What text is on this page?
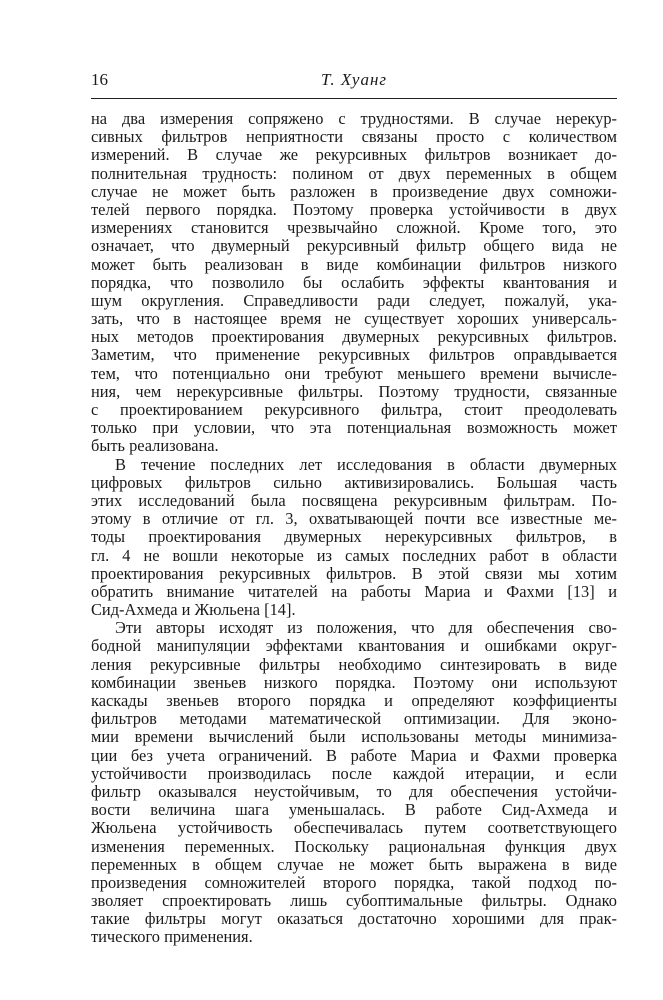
16	Т. Хуанг
на два измерения сопряжено с трудностями. В случае нерекур-
сивных фильтров неприятности связаны просто с количеством
измерений. В случае же рекурсивных фильтров возникает до-
полнительная трудность: полином от двух переменных в общем
случае не может быть разложен в произведение двух сомножи-
телей первого порядка. Поэтому проверка устойчивости в двух
измерениях становится чрезвычайно сложной. Кроме того, это
означает, что двумерный рекурсивный фильтр общего вида не
может быть реализован в виде комбинации фильтров низкого
порядка, что позволило бы ослабить эффекты квантования и
шум округления. Справедливости ради следует, пожалуй, ука-
зать, что в настоящее время не существует хороших универсаль-
ных методов проектирования двумерных рекурсивных фильтров.
Заметим, что применение рекурсивных фильтров оправдывается
тем, что потенциально они требуют меньшего времени вычисле-
ния, чем нерекурсивные фильтры. Поэтому трудности, связанные
с проектированием рекурсивного фильтра, стоит преодолевать
только при условии, что эта потенциальная возможность может
быть реализована.
В течение последних лет исследования в области двумерных
цифровых фильтров сильно активизировались. Большая часть
этих исследований была посвящена рекурсивным фильтрам. По-
этому в отличие от гл. 3, охватывающей почти все известные ме-
тоды проектирования двумерных нерекурсивных фильтров, в
гл. 4 не вошли некоторые из самых последних работ в области
проектирования рекурсивных фильтров. В этой связи мы хотим
обратить внимание читателей на работы Мариа и Фахми [13] и
Сид-Ахмеда и Жюльена [14].
Эти авторы исходят из положения, что для обеспечения сво-
бодной манипуляции эффектами квантования и ошибками округ-
ления рекурсивные фильтры необходимо синтезировать в виде
комбинации звеньев низкого порядка. Поэтому они используют
каскады звеньев второго порядка и определяют коэффициенты
фильтров методами математической оптимизации. Для эконо-
мии времени вычислений были использованы методы минимиза-
ции без учета ограничений. В работе Мариа и Фахми проверка
устойчивости производилась после каждой итерации, и если
фильтр оказывался неустойчивым, то для обеспечения устойчи-
вости величина шага уменьшалась. В работе Сид-Ахмеда и
Жюльена устойчивость обеспечивалась путем соответствующего
изменения переменных. Поскольку рациональная функция двух
переменных в общем случае не может быть выражена в виде
произведения сомножителей второго порядка, такой подход по-
зволяет спроектировать лишь субоптимальные фильтры. Однако
такие фильтры могут оказаться достаточно хорошими для прак-
тического применения.
